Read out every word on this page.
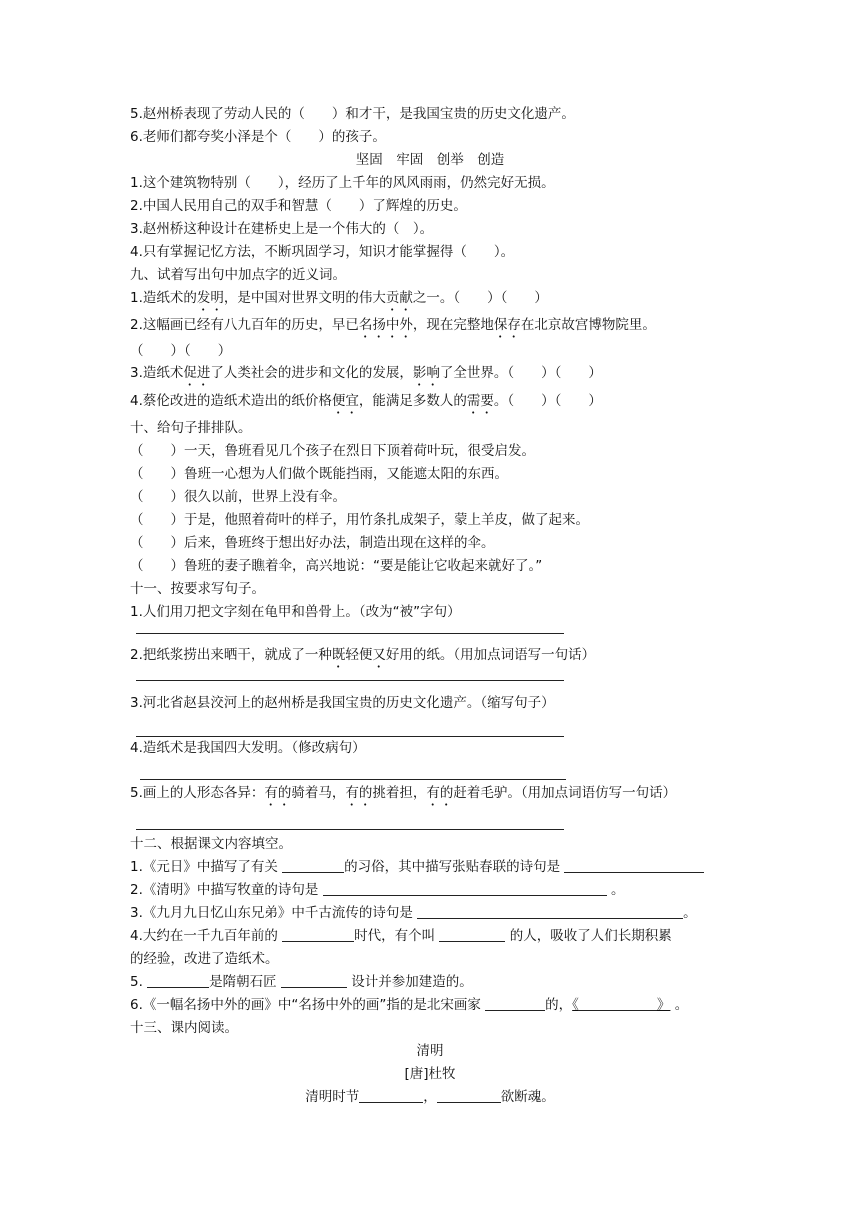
5.赵州桥表现了劳动人民的（　　）和才干，是我国宝贵的历史文化遗产。
6.老师们都夸奖小泽是个（　　）的孩子。
坚固　牢固　创举　创造
1.这个建筑物特别（　　），经历了上千年的风风雨雨，仍然完好无损。
2.中国人民用自己的双手和智慧（　　）了辉煌的历史。
3.赵州桥这种设计在建桥史上是一个伟大的（　）。
4.只有掌握记忆方法，不断巩固学习，知识才能掌握得（　　）。
九、试着写出句中加点字的近义词。
1.造纸术的发明，是中国对世界文明的伟大贡献之一。（　　）（　　）
2.这幅画已经有八九百年的历史，早已名扬中外，现在完整地保存在北京故宫博物院里。
（　　）（　　）
3.造纸术促进了人类社会的进步和文化的发展，影响了全世界。（　　）（　　）
4.蔡伦改进的造纸术造出的纸价格便宜，能满足多数人的需要。（　　）（　　）
十、给句子排排队。
（　　）一天，鲁班看见几个孩子在烈日下顶着荷叶玩，很受启发。
（　　）鲁班一心想为人们做个既能挡雨，又能遮太阳的东西。
（　　）很久以前，世界上没有伞。
（　　）于是，他照着荷叶的样子，用竹条扎成架子，蒙上羊皮，做了起来。
（　　）后来，鲁班终于想出好办法，制造出现在这样的伞。
（　　）鲁班的妻子瞧着伞，高兴地说：“要是能让它收起来就好了。”
十一、按要求写句子。
1.人们用刀把文字刻在龟甲和兽骨上。（改为“被”字句）
2.把纸浆捞出来晒干，就成了一种既轻便又好用的纸。（用加点词语写一句话）
3.河北省赵县洨河上的赵州桥是我国宝贵的历史文化遗产。（缩写句子）
4.造纸术是我国四大发明。（修改病句）
5.画上的人形态各异：有的骑着马，有的挑着担，有的赶着毛驴。（用加点词语仿写一句话）
十二、根据课文内容填空。
1.《元日》中描写了有关	的习俗，其中描写张贴春联的诗句是
2.《清明》中描写牧童的诗句是	。
3.《九月九日忆山东兄弟》中千古流传的诗句是	。
4.大约在一千九百年前的	时代，有个叫	的人，吸收了人们长期积累
的经验，改进了造纸术。
5.	是隋朝石匠	设计并参加建造的。
6.《一幅名扬中外的画》中“名扬中外的画”指的是北宋画家	的，《	》 。
十三、课内阅读。
清明
[唐]杜牧
清明时节	，	欲断魂。
